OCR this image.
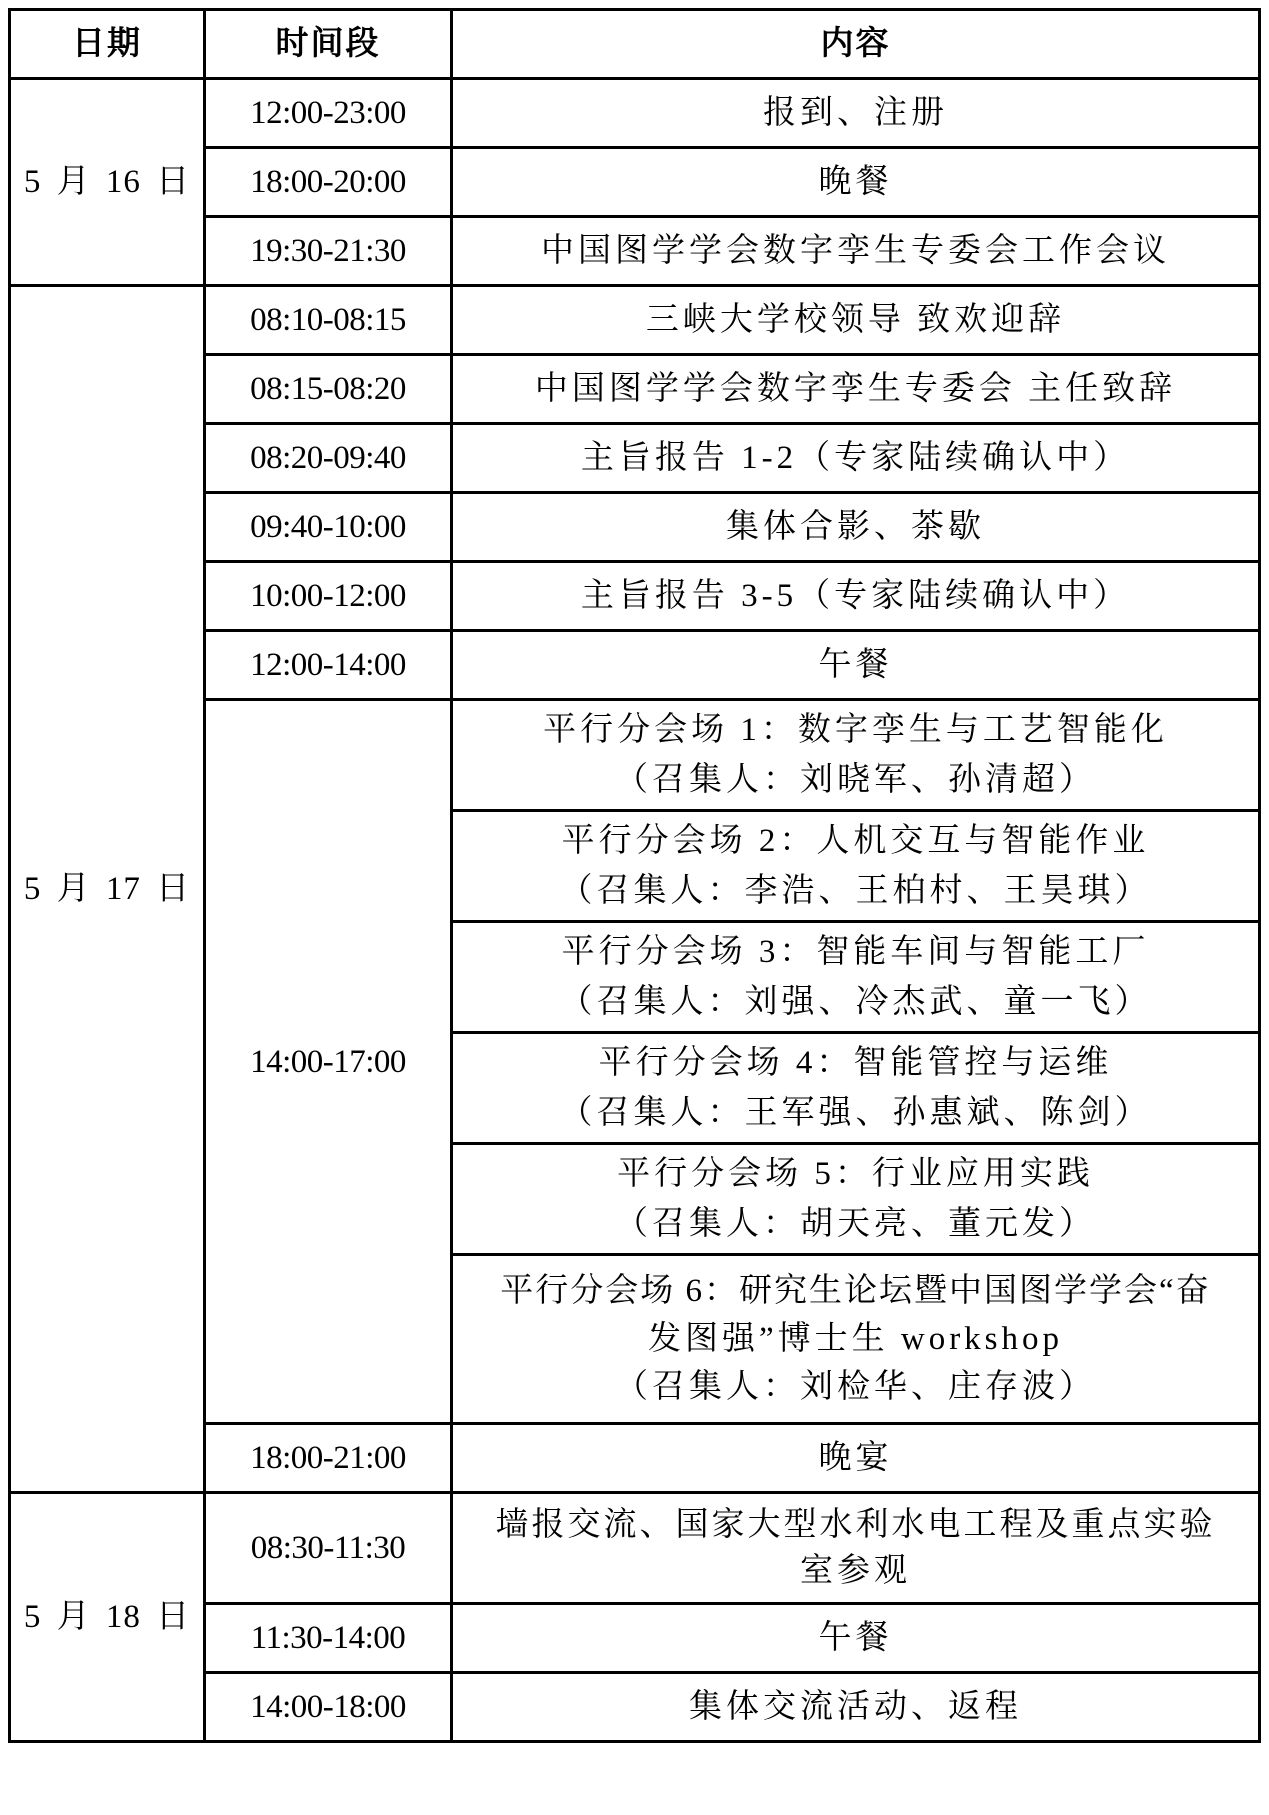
日期	时间段	内容
5 月 16 日	12:00-23:00	报到、注册

	18:00-20:00	晚餐

	19:30-21:30	中国图学学会数字孪生专委会工作会议

5 月 17 日	08:10-08:15	三峡大学校领导 致欢迎辞

	08:15-08:20	中国图学学会数字孪生专委会 主任致辞

	08:20-09:40	主旨报告 1-2（专家陆续确认中）

	09:40-10:00	集体合影、茶歇

	10:00-12:00	主旨报告 3-5（专家陆续确认中）

	12:00-14:00	午餐

	14:00-17:00	平行分会场 1：数字孪生与工艺智能化
（召集人：刘晓军、孙清超）

		平行分会场 2：人机交互与智能作业
（召集人：李浩、王柏村、王昊琪）

		平行分会场 3：智能车间与智能工厂
（召集人：刘强、冷杰武、童一飞）

		平行分会场 4：智能管控与运维
（召集人：王军强、孙惠斌、陈剑）

		平行分会场 5：行业应用实践
（召集人：胡天亮、董元发）

		平行分会场 6：研究生论坛暨中国图学学会“奋
发图强”博士生 workshop
（召集人：刘检华、庄存波）

	18:00-21:00	晚宴

5 月 18 日	08:30-11:30	墙报交流、国家大型水利水电工程及重点实验
室参观

	11:30-14:00	午餐

	14:00-18:00	集体交流活动、返程
